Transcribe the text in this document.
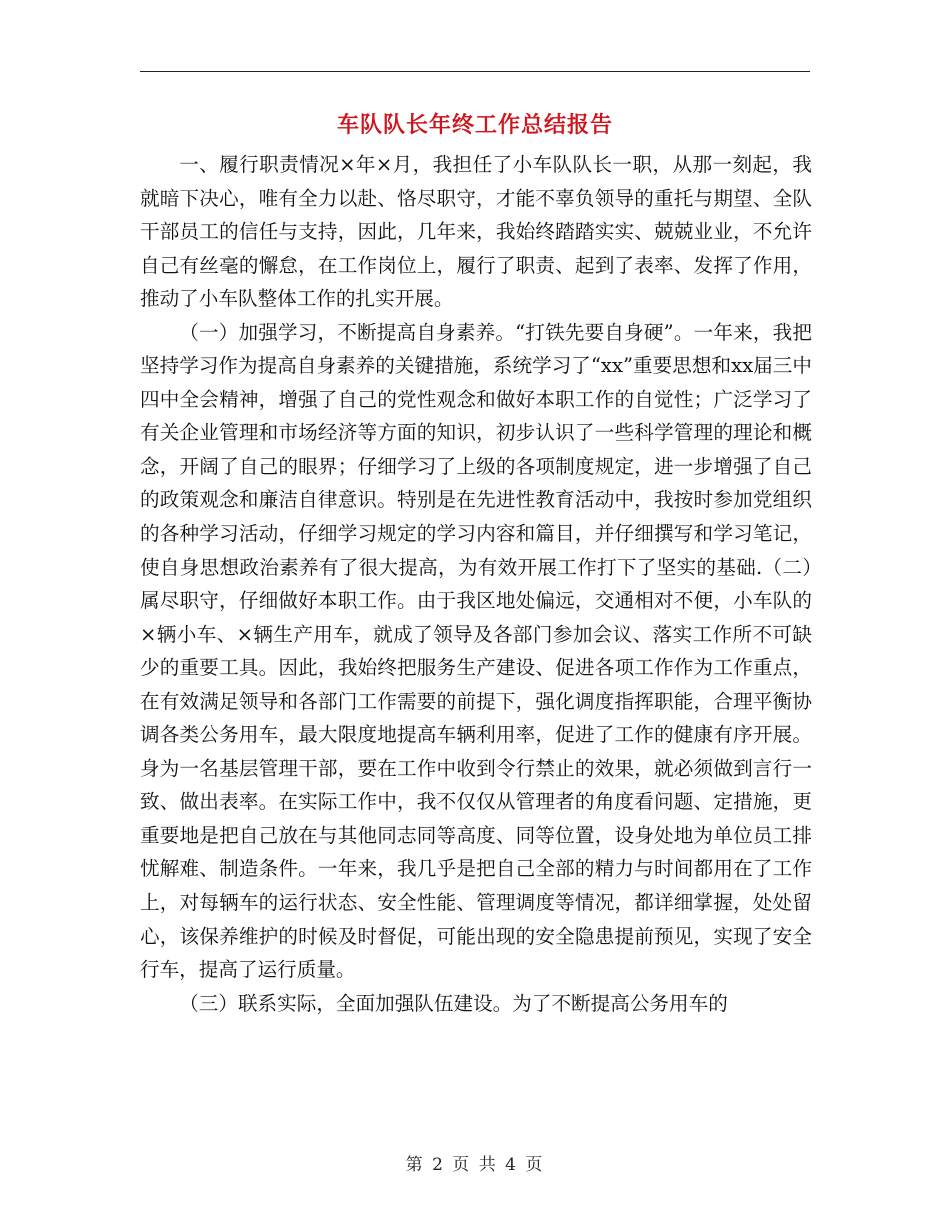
车队队长年终工作总结报告

一、履行职责情况×年×月，我担任了小车队队长一职，从那一刻起，我就暗下决心，唯有全力以赴、恪尽职守，才能不辜负领导的重托与期望、全队干部员工的信任与支持，因此，几年来，我始终踏踏实实、兢兢业业，不允许自己有丝毫的懈怠，在工作岗位上，履行了职责、起到了表率、发挥了作用，推动了小车队整体工作的扎实开展。

（一）加强学习，不断提高自身素养。“打铁先要自身硬”。一年来，我把坚持学习作为提高自身素养的关键措施，系统学习了“xx”重要思想和xx届三中四中全会精神，增强了自己的党性观念和做好本职工作的自觉性；广泛学习了有关企业管理和市场经济等方面的知识，初步认识了一些科学管理的理论和概念，开阔了自己的眼界；仔细学习了上级的各项制度规定，进一步增强了自己的政策观念和廉洁自律意识。特别是在先进性教育活动中，我按时参加党组织的各种学习活动，仔细学习规定的学习内容和篇目，并仔细撰写和学习笔记，使自身思想政治素养有了很大提高，为有效开展工作打下了坚实的基础.（二）属尽职守，仔细做好本职工作。由于我区地处偏远，交通相对不便，小车队的×辆小车、×辆生产用车，就成了领导及各部门参加会议、落实工作所不可缺少的重要工具。因此，我始终把服务生产建设、促进各项工作作为工作重点，在有效满足领导和各部门工作需要的前提下，强化调度指挥职能，合理平衡协调各类公务用车，最大限度地提高车辆利用率，促进了工作的健康有序开展。身为一名基层管理干部，要在工作中收到令行禁止的效果，就必须做到言行一致、做出表率。在实际工作中，我不仅仅从管理者的角度看问题、定措施，更重要地是把自己放在与其他同志同等高度、同等位置，设身处地为单位员工排忧解难、制造条件。一年来，我几乎是把自己全部的精力与时间都用在了工作上，对每辆车的运行状态、安全性能、管理调度等情况，都详细掌握，处处留心，该保养维护的时候及时督促，可能出现的安全隐患提前预见，实现了安全行车，提高了运行质量。

（三）联系实际，全面加强队伍建设。为了不断提高公务用车的

第 2 页 共 4 页
